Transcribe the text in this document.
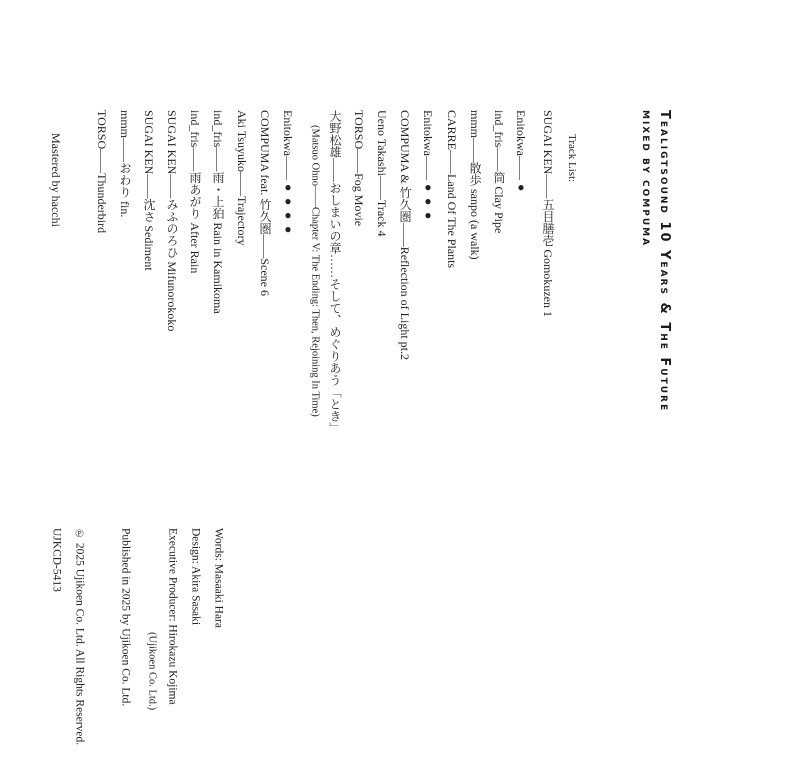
Tealigtsound 10 Years & The Future
MIXED BY COMPUMA
Track List:
SUGAI KEN——五目膳壱 Gomokuzen 1
Enitokwa——●
ind_fris——筒 Clay Pipe
mmm——散歩 sanpo (a walk)
CARRE——Land Of The Plants
Enitokwa——●●●
COMPUMA & 竹久圏——Reflection of Light pt.2
Ueno Takashi——Track 4
TORSO——Fog Movie
大野松雄——おしまいの章……そして、めぐりあう「とき」
(Matsuo Ohno——Chapter V: The Ending: Then, Rejoining In Time)
Enitokwa——●●●●
COMPUMA feat. 竹久圏——Scene 6
Aki Tsuyuko——Trajectory
ind_fris——雨・上狛 Rain in Kamikoma
ind_fris——雨あがり After Rain
SUGAI KEN——みふのろひ Mifunorokoko
SUGAI KEN——沈さ Sediment
mmm——おわり fin.
TORSO——Thunderbird
Mastered by hacchi
Words: Masaaki Hara
Design: Akira Sasaki
Executive Producer: Hirokazu Kojima
(Ujikoen Co. Ltd.)
Published in 2025 by Ujikoen Co. Ltd.
℗ 2025 Ujikoen Co. Ltd. All Rights Reserved.
UJKCD-5413
